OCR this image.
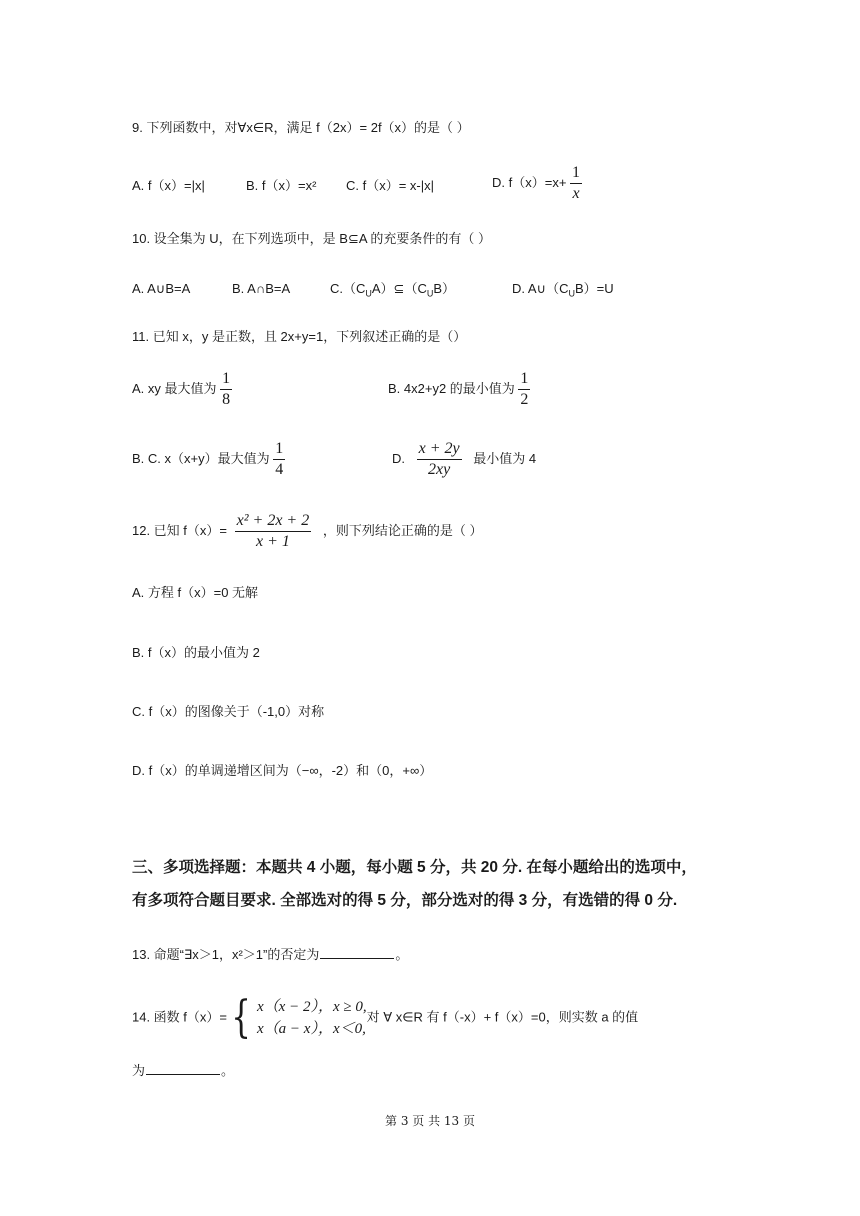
9. 下列函数中，对∀x∈R，满足 f（2x）= 2f（x）的是（ ）
A. f（x）=|x|	B. f（x）=x² C. f（x）= x-|x|	D. $f(x)=x+ \frac{1}{x}$
10. 设全集为 U，在下列选项中，是 B⊆A 的充要条件的有（ ）
A. A∪B=A	B. A∩B=A	$C.(C_UA)⊆(C_UB)$	D. $A\cup(C_UB)=U$
11. 已知 x，y 是正数，且 2x+y=1，下列叙述正确的是（）
A. xy 最大值为 $\frac{1}{8}$	B. 4x2+y2 的最小值为 $\frac{1}{2}$
B. C. x（x+y）最大值为 $\frac{1}{4}$	D. $\frac{x + 2y}{2xy}$ 最小值为 4
12. 已知 $f(x)= \frac{\text{x² + 2x + 2}}{x + 1}$ ，则下列结论正确的是（ ）
A. 方程 f（x）=0 无解
B. f（x）的最小值为 2
C. f（x）的图像关于（-1,0）对称
D. f（x）的单调递增区间为（−∞，-2）和（0，+∞）
三、多项选择题：本题共 4 小题，每小题 5 分，共 20 分. 在每小题给出的选项中，
有多项符合题目要求. 全部选对的得 5 分，部分选对的得 3 分，有选错的得 0 分.
13. 命题“∃x＞1，x²＞1”的否定为	。
14. 函数 f（x）= { x（x − 2），x ≥ 0,
x（a − x），x＜0,
对 ∀ x∈R 有 f（-x）+ f（x）=0，则实数 a 的值
为	。
第 3 页 共 13 页
